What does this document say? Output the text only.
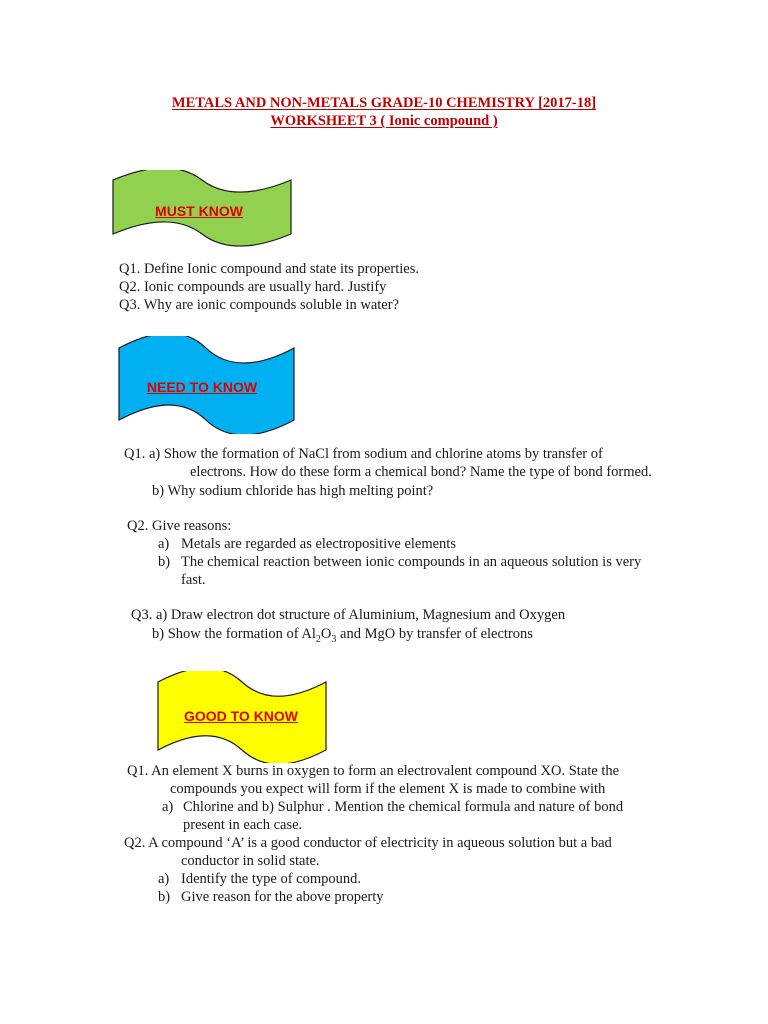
METALS AND NON-METALS GRADE-10 CHEMISTRY [2017-18]
WORKSHEET 3 ( Ionic compound )
MUST KNOW
Q1. Define Ionic compound and state its properties.
Q2. Ionic compounds are usually hard. Justify
Q3. Why are ionic compounds soluble in water?
NEED TO KNOW
Q1. a) Show the formation of NaCl from sodium and chlorine atoms by transfer of
electrons. How do these form a chemical bond? Name the type of bond formed.
b) Why sodium chloride has high melting point?
Q2. Give reasons:
a) Metals are regarded as electropositive elements
b) The chemical reaction between ionic compounds in an aqueous solution is very
fast.
Q3. a) Draw electron dot structure of Aluminium, Magnesium and Oxygen
b) Show the formation of $Al_2O_3$ and MgO by transfer of electrons
GOOD TO KNOW
Q1. An element X burns in oxygen to form an electrovalent compound XO. State the
compounds you expect will form if the element X is made to combine with
a) Chlorine and b) Sulphur . Mention the chemical formula and nature of bond
present in each case.
Q2. A compound ‘A’ is a good conductor of electricity in aqueous solution but a bad
conductor in solid state.
a) Identify the type of compound.
b) Give reason for the above property
